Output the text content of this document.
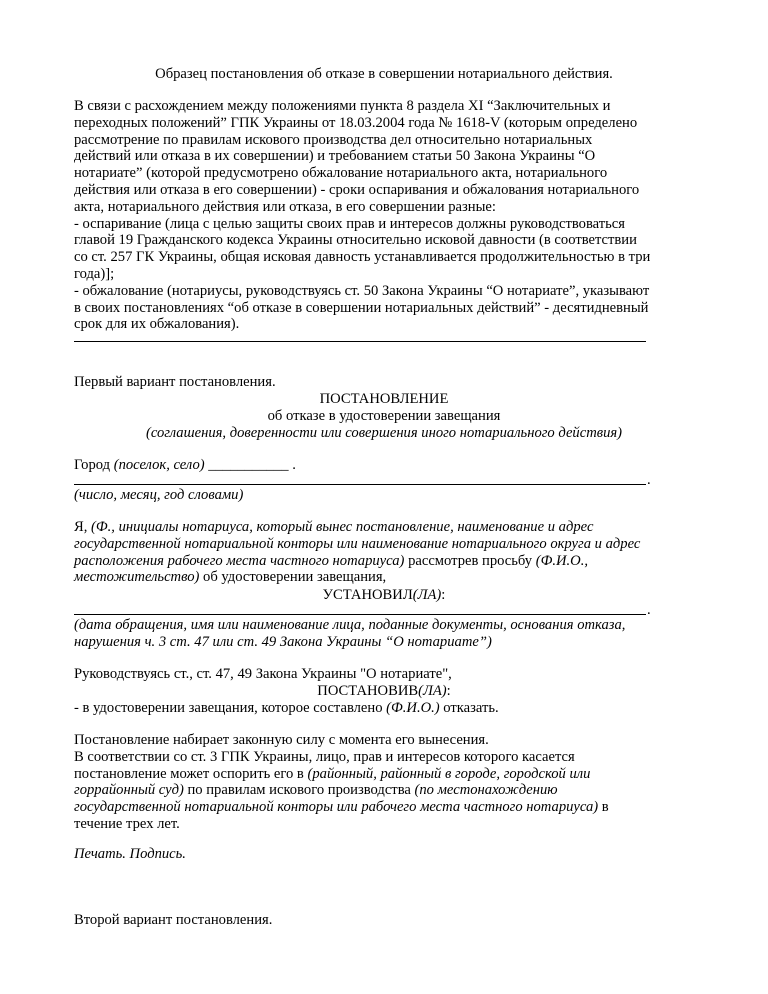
Образец постановления об отказе в совершении нотариального действия.
В связи с расхождением между положениями пункта 8 раздела XI “Заключительных и
переходных положений” ГПК Украины от 18.03.2004 года № 1618-V (которым определено
рассмотрение по правилам искового производства дел относительно нотариальных
действий или отказа в их совершении) и требованием статьи 50 Закона Украины “О
нотариате” (которой предусмотрено обжалование нотариального акта, нотариального
действия или отказа в его совершении) - сроки оспаривания и обжалования нотариального
акта, нотариального действия или отказа, в его совершении разные:
- оспаривание (лица с целью защиты своих прав и интересов должны руководствоваться
главой 19 Гражданского кодекса Украины относительно исковой давности (в соответствии
со ст. 257 ГК Украины, общая исковая давность устанавливается продолжительностью в три
года)];
- обжалование (нотариусы, руководствуясь ст. 50 Закона Украины “О нотариате”, указывают
в своих постановлениях “об отказе в совершении нотариальных действий” - десятидневный
срок для их обжалования).
Первый вариант постановления.
ПОСТАНОВЛЕНИЕ
об отказе в удостоверении завещания
(соглашения, доверенности или совершения иного нотариального действия)
Город (поселок, село) ___________ .
.
(число, месяц, год словами)
Я, (Ф., инициалы нотариуса, который вынес постановление, наименование и адрес
государственной нотариальной конторы или наименование нотариального округа и адрес
расположения рабочего места частного нотариуса) рассмотрев просьбу (Ф.И.О.,
местожительство) об удостоверении завещания,
УСТАНОВИЛ(ЛА):
.
(дата обращения, имя или наименование лица, поданные документы, основания отказа,
нарушения ч. 3 ст. 47 или ст. 49 Закона Украины “О нотариате”)
Руководствуясь ст., ст. 47, 49 Закона Украины "О нотариате",
ПОСТАНОВИВ(ЛА):
- в удостоверении завещания, которое составлено (Ф.И.О.) отказать.
Постановление набирает законную силу с момента его вынесения.
В соответствии со ст. 3 ГПК Украины, лицо, прав и интересов которого касается
постановление может оспорить его в (районный, районный в городе, городской или
горрайонный суд) по правилам искового производства (по местонахождению
государственной нотариальной конторы или рабочего места частного нотариуса) в
течение трех лет.
Печать. Подпись.
Второй вариант постановления.
